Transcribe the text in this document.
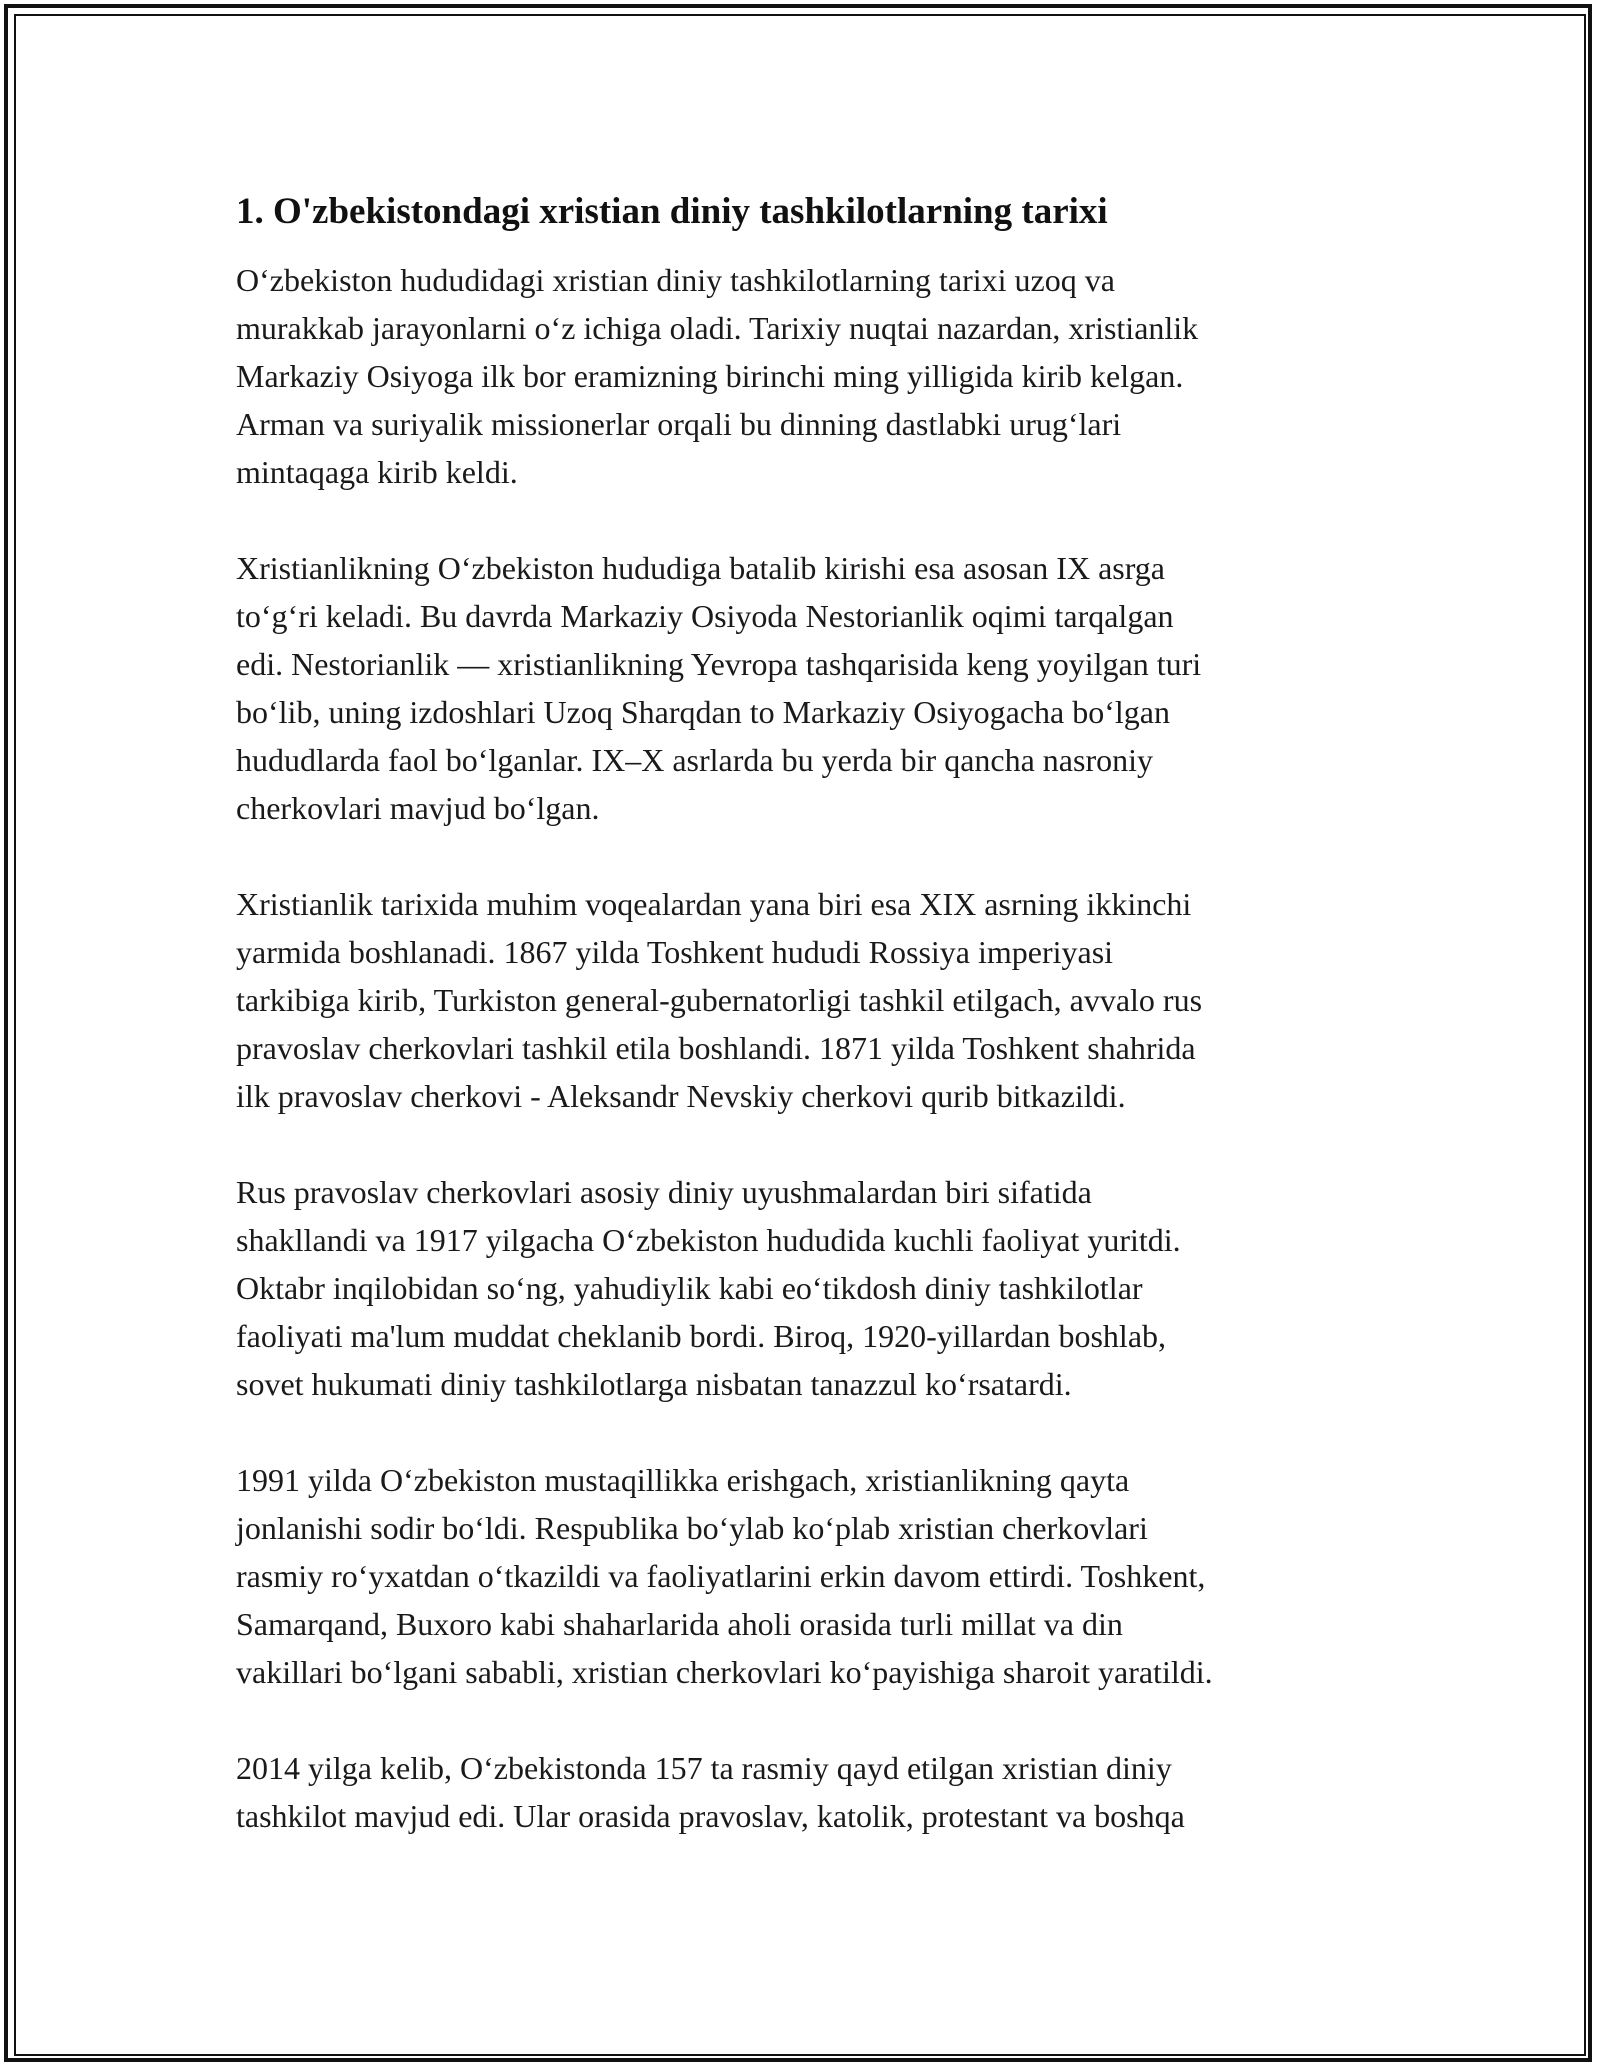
1. O'zbekistondagi xristian diniy tashkilotlarning tarixi

O‘zbekiston hududidagi xristian diniy tashkilotlarning tarixi uzoq va
murakkab jarayonlarni o‘z ichiga oladi. Tarixiy nuqtai nazardan, xristianlik
Markaziy Osiyoga ilk bor eramizning birinchi ming yilligida kirib kelgan.
Arman va suriyalik missionerlar orqali bu dinning dastlabki urug‘lari
mintaqaga kirib keldi.

Xristianlikning O‘zbekiston hududiga batalib kirishi esa asosan IX asrga
to‘g‘ri keladi. Bu davrda Markaziy Osiyoda Nestorianlik oqimi tarqalgan
edi. Nestorianlik — xristianlikning Yevropa tashqarisida keng yoyilgan turi
bo‘lib, uning izdoshlari Uzoq Sharqdan to Markaziy Osiyogacha bo‘lgan
hududlarda faol bo‘lganlar. IX–X asrlarda bu yerda bir qancha nasroniy
cherkovlari mavjud bo‘lgan.

Xristianlik tarixida muhim voqealardan yana biri esa XIX asrning ikkinchi
yarmida boshlanadi. 1867 yilda Toshkent hududi Rossiya imperiyasi
tarkibiga kirib, Turkiston general-gubernatorligi tashkil etilgach, avvalo rus
pravoslav cherkovlari tashkil etila boshlandi. 1871 yilda Toshkent shahrida
ilk pravoslav cherkovi - Aleksandr Nevskiy cherkovi qurib bitkazildi.

Rus pravoslav cherkovlari asosiy diniy uyushmalardan biri sifatida
shakllandi va 1917 yilgacha O‘zbekiston hududida kuchli faoliyat yuritdi.
Oktabr inqilobidan so‘ng, yahudiylik kabi eo‘tikdosh diniy tashkilotlar
faoliyati ma'lum muddat cheklanib bordi. Biroq, 1920-yillardan boshlab,
sovet hukumati diniy tashkilotlarga nisbatan tanazzul ko‘rsatardi.

1991 yilda O‘zbekiston mustaqillikka erishgach, xristianlikning qayta
jonlanishi sodir bo‘ldi. Respublika bo‘ylab ko‘plab xristian cherkovlari
rasmiy ro‘yxatdan o‘tkazildi va faoliyatlarini erkin davom ettirdi. Toshkent,
Samarqand, Buxoro kabi shaharlarida aholi orasida turli millat va din
vakillari bo‘lgani sababli, xristian cherkovlari ko‘payishiga sharoit yaratildi.

2014 yilga kelib, O‘zbekistonda 157 ta rasmiy qayd etilgan xristian diniy
tashkilot mavjud edi. Ular orasida pravoslav, katolik, protestant va boshqa
